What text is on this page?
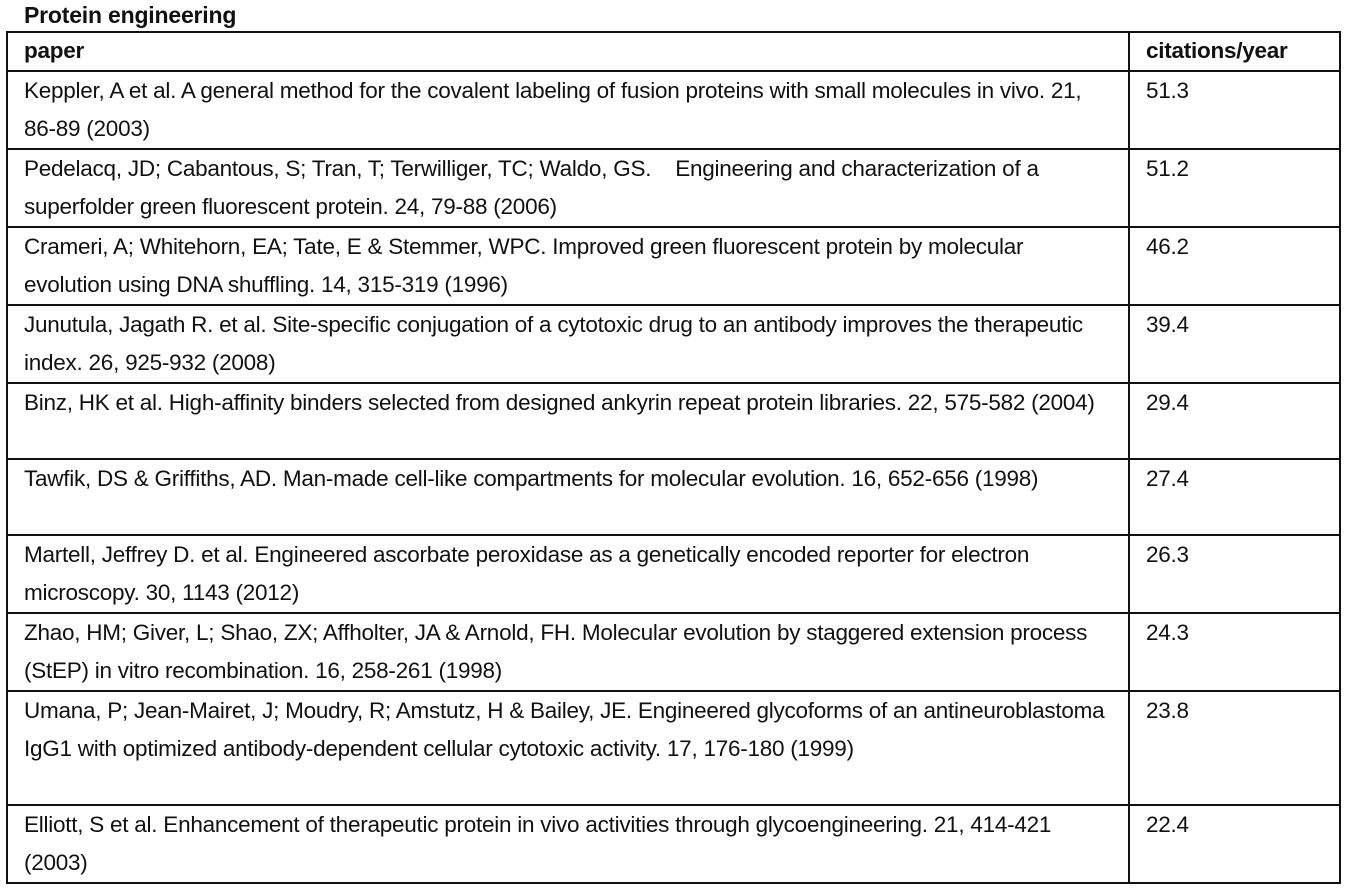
Protein engineering
paper	citations/year
Keppler, A et al. A general method for the covalent labeling of fusion proteins with small molecules in vivo. 21, 86-89 (2003)	51.3
Pedelacq, JD; Cabantous, S; Tran, T; Terwilliger, TC; Waldo, GS.    Engineering and characterization of a superfolder green fluorescent protein. 24, 79-88 (2006)	51.2
Crameri, A; Whitehorn, EA; Tate, E & Stemmer, WPC. Improved green fluorescent protein by molecular evolution using DNA shuffling. 14, 315-319 (1996)	46.2
Junutula, Jagath R. et al. Site-specific conjugation of a cytotoxic drug to an antibody improves the therapeutic index. 26, 925-932 (2008)	39.4
Binz, HK et al. High-affinity binders selected from designed ankyrin repeat protein libraries. 22, 575-582 (2004)	29.4
Tawfik, DS & Griffiths, AD. Man-made cell-like compartments for molecular evolution. 16, 652-656 (1998)	27.4
Martell, Jeffrey D. et al. Engineered ascorbate peroxidase as a genetically encoded reporter for electron microscopy. 30, 1143 (2012)	26.3
Zhao, HM; Giver, L; Shao, ZX; Affholter, JA & Arnold, FH. Molecular evolution by staggered extension process (StEP) in vitro recombination. 16, 258-261 (1998)	24.3
Umana, P; Jean-Mairet, J; Moudry, R; Amstutz, H & Bailey, JE. Engineered glycoforms of an antineuroblastoma IgG1 with optimized antibody-dependent cellular cytotoxic activity. 17, 176-180 (1999)	23.8
Elliott, S et al. Enhancement of therapeutic protein in vivo activities through glycoengineering. 21, 414-421 (2003)	22.4
